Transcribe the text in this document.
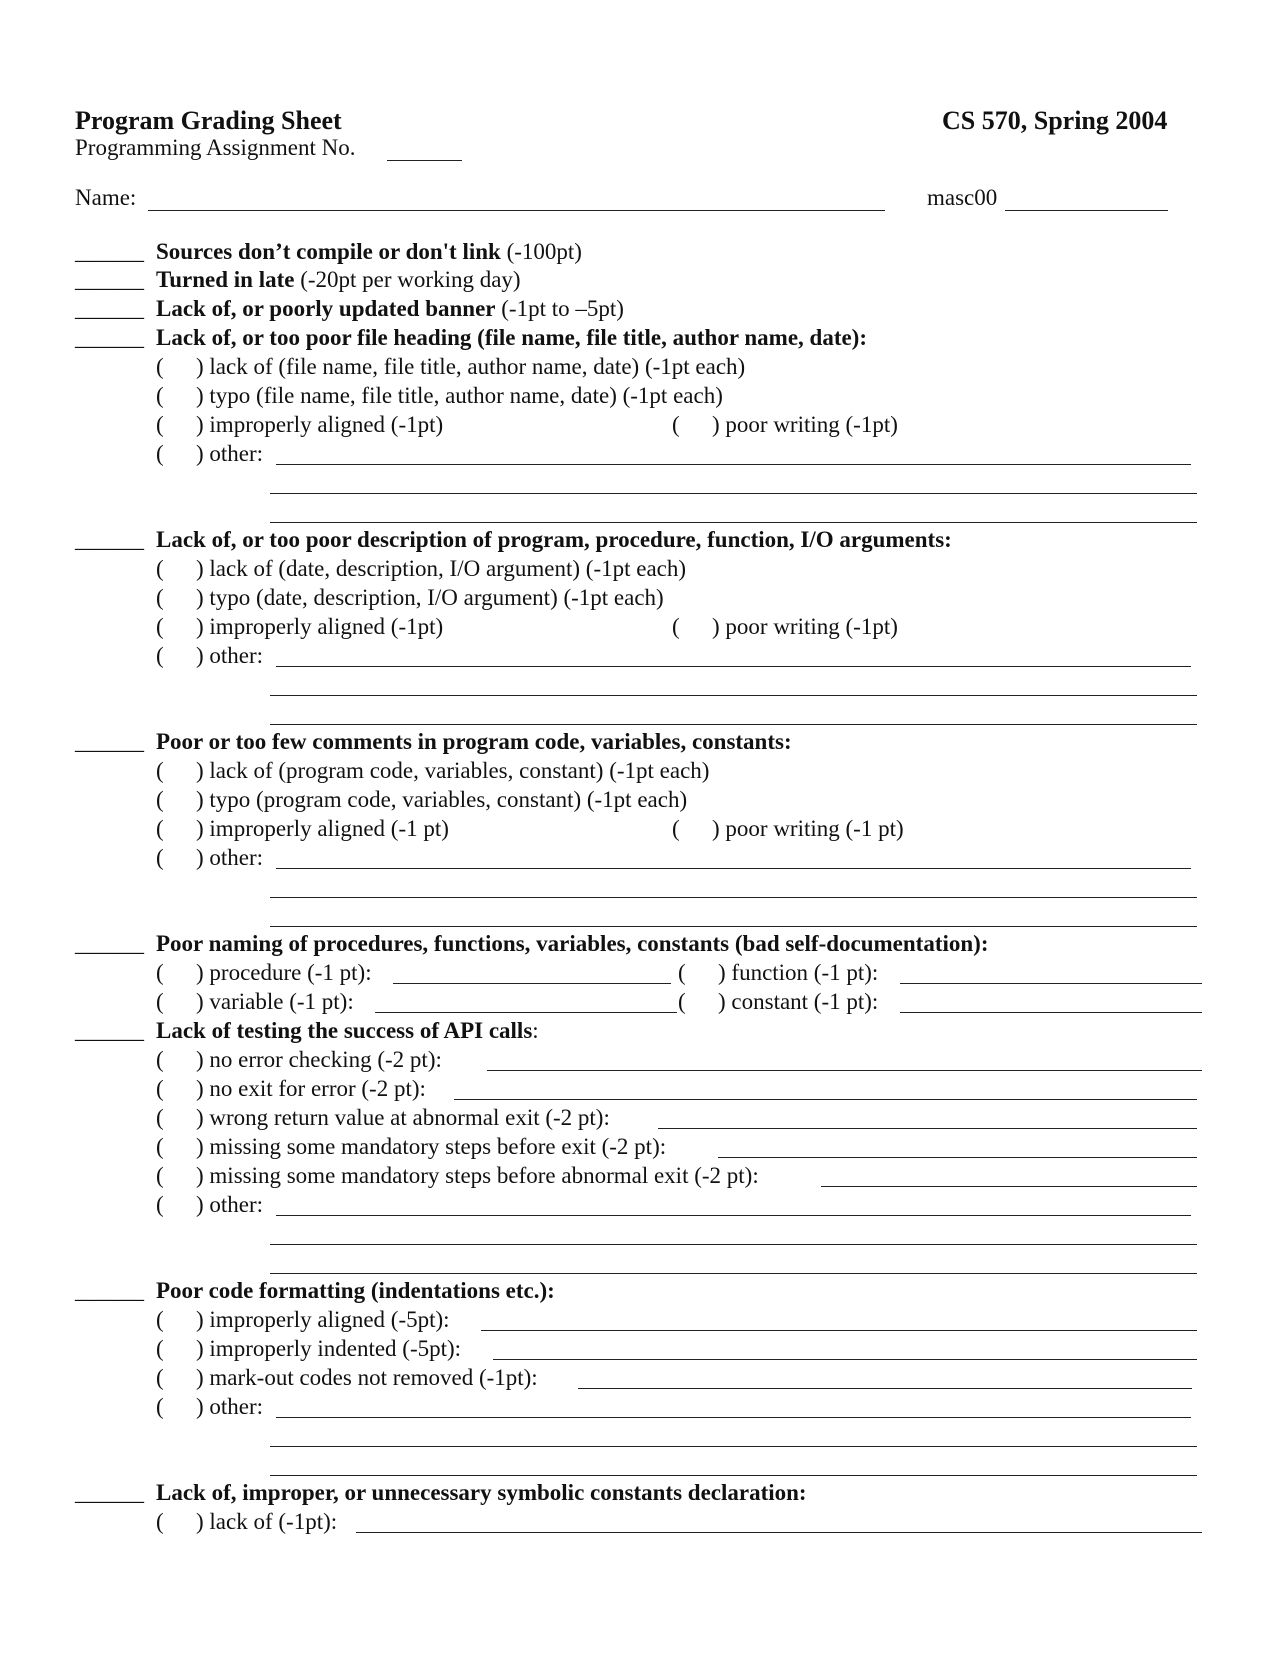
Program Grading Sheet	CS 570, Spring 2004
Programming Assignment No.
Name:	masc00
______ Sources don’t compile or don't link (-100pt)
______ Turned in late (-20pt per working day)
______ Lack of, or poorly updated banner (-1pt to –5pt)
______ Lack of, or too poor file heading (file name, file title, author name, date):
( ) lack of (file name, file title, author name, date) (-1pt each)
( ) typo (file name, file title, author name, date) (-1pt each)
( ) improperly aligned (-1pt)	( ) poor writing (-1pt)
( ) other:
______ Lack of, or too poor description of program, procedure, function, I/O arguments:
( ) lack of (date, description, I/O argument) (-1pt each)
( ) typo (date, description, I/O argument) (-1pt each)
( ) improperly aligned (-1pt)	( ) poor writing (-1pt)
( ) other:
______ Poor or too few comments in program code, variables, constants:
( ) lack of (program code, variables, constant) (-1pt each)
( ) typo (program code, variables, constant) (-1pt each)
( ) improperly aligned (-1 pt)	( ) poor writing (-1 pt)
( ) other:
______ Poor naming of procedures, functions, variables, constants (bad self-documentation):
( ) procedure (-1 pt):	( ) function (-1 pt):
( ) variable (-1 pt):	( ) constant (-1 pt):
______ Lack of testing the success of API calls:
( ) no error checking (-2 pt):
( ) no exit for error (-2 pt):
( ) wrong return value at abnormal exit (-2 pt):
( ) missing some mandatory steps before exit (-2 pt):
( ) missing some mandatory steps before abnormal exit (-2 pt):
( ) other:
______ Poor code formatting (indentations etc.):
( ) improperly aligned (-5pt):
( ) improperly indented (-5pt):
( ) mark-out codes not removed (-1pt):
( ) other:
______ Lack of, improper, or unnecessary symbolic constants declaration:
( ) lack of (-1pt):
